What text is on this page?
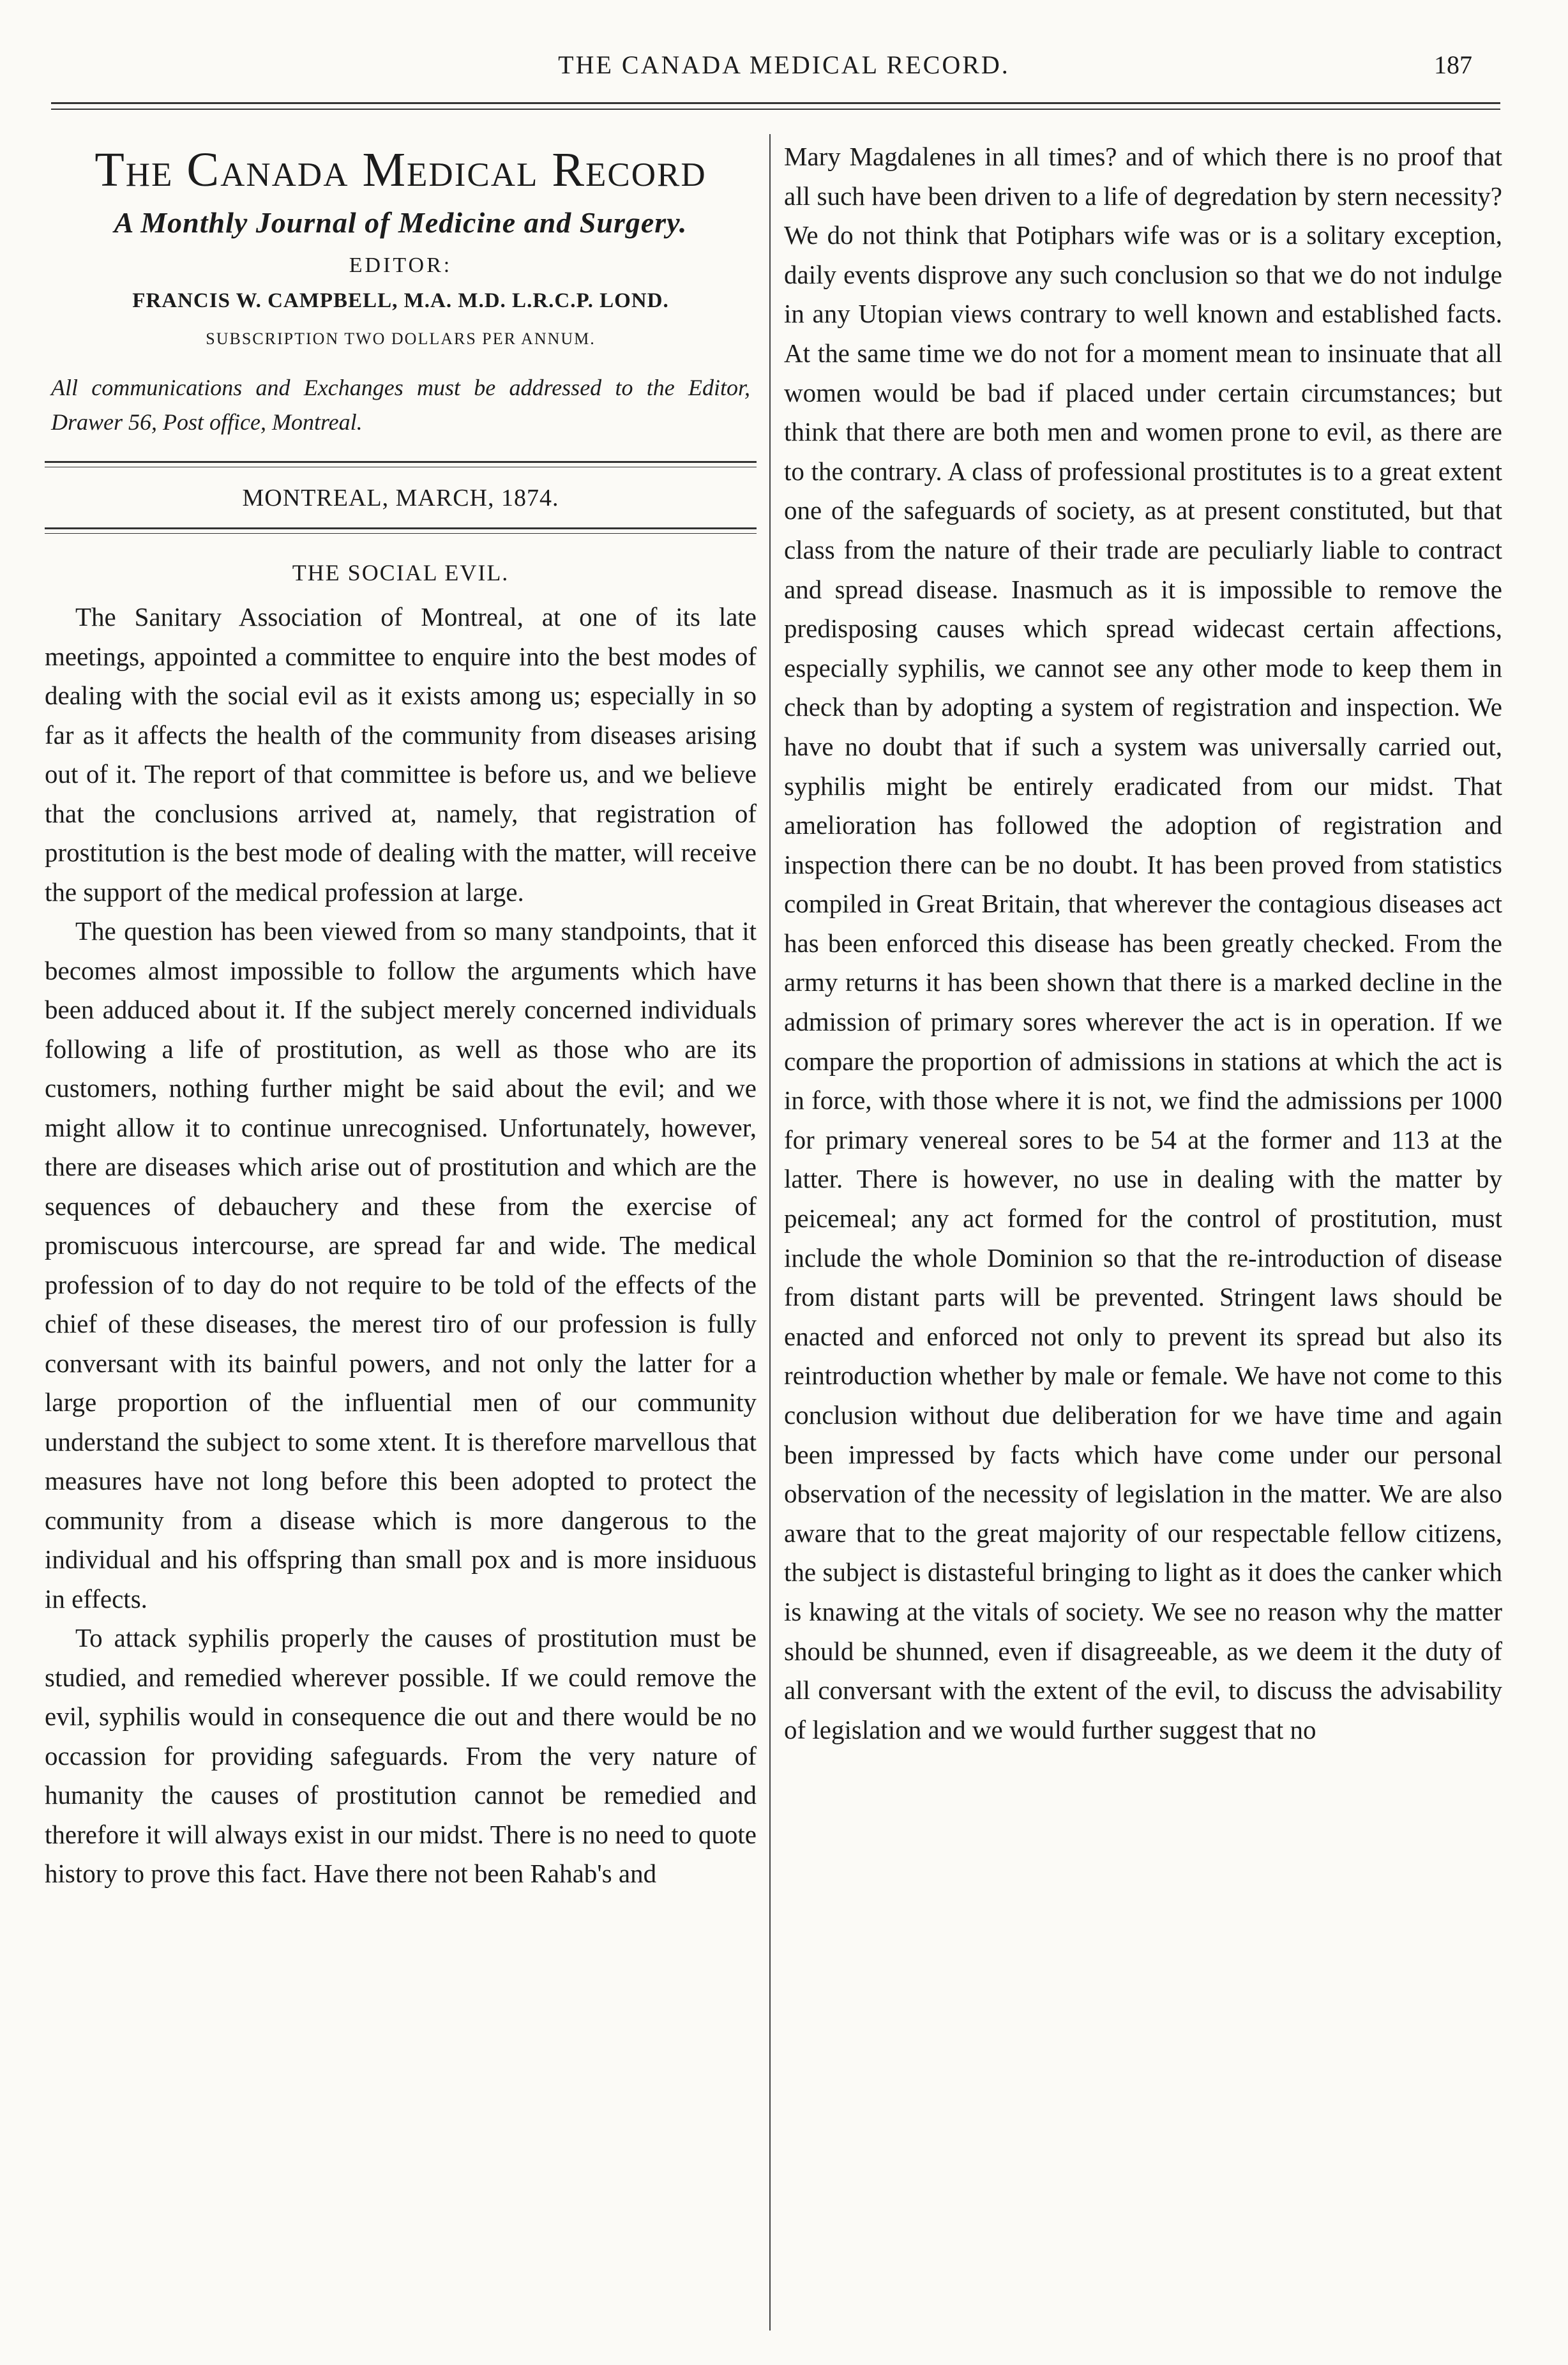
THE CANADA MEDICAL RECORD.	187
The Canada Medical Record
A Monthly Journal of Medicine and Surgery.
EDITOR:
FRANCIS W. CAMPBELL, M.A. M.D. L.R.C.P. LOND.
SUBSCRIPTION TWO DOLLARS PER ANNUM.
All communications and Exchanges must be addressed to the Editor, Drawer 56, Post office, Montreal.
MONTREAL, MARCH, 1874.
THE SOCIAL EVIL.

The Sanitary Association of Montreal, at one of its late meetings, appointed a committee to enquire into the best modes of dealing with the social evil as it exists among us; especially in so far as it affects the health of the community from diseases arising out of it. The report of that committee is before us, and we believe that the conclusions arrived at, namely, that registration of prostitution is the best mode of dealing with the matter, will receive the support of the medical profession at large.

The question has been viewed from so many standpoints, that it becomes almost impossible to follow the arguments which have been adduced about it. If the subject merely concerned individuals following a life of prostitution, as well as those who are its customers, nothing further might be said about the evil; and we might allow it to continue unrecognised. Unfortunately, however, there are diseases which arise out of prostitution and which are the sequences of debauchery and these from the exercise of promiscuous intercourse, are spread far and wide. The medical profession of to day do not require to be told of the effects of the chief of these diseases, the merest tiro of our profession is fully conversant with its bainful powers, and not only the latter for a large proportion of the influential men of our community understand the subject to some xtent. It is therefore marvellous that measures have not long before this been adopted to protect the community from a disease which is more dangerous to the individual and his offspring than small pox and is more insiduous in effects.

To attack syphilis properly the causes of prostitution must be studied, and remedied wherever possible. If we could remove the evil, syphilis would in consequence die out and there would be no occassion for providing safeguards. From the very nature of humanity the causes of prostitution cannot be remedied and therefore it will always exist in our midst. There is no need to quote history to prove this fact. Have there not been Rahab's and

Mary Magdalenes in all times? and of which there is no proof that all such have been driven to a life of degredation by stern necessity? We do not think that Potiphars wife was or is a solitary exception, daily events disprove any such conclusion so that we do not indulge in any Utopian views contrary to well known and established facts. At the same time we do not for a moment mean to insinuate that all women would be bad if placed under certain circumstances; but think that there are both men and women prone to evil, as there are to the contrary. A class of professional prostitutes is to a great extent one of the safeguards of society, as at present constituted, but that class from the nature of their trade are peculiarly liable to contract and spread disease. Inasmuch as it is impossible to remove the predisposing causes which spread widecast certain affections, especially syphilis, we cannot see any other mode to keep them in check than by adopting a system of registration and inspection. We have no doubt that if such a system was universally carried out, syphilis might be entirely eradicated from our midst. That amelioration has followed the adoption of registration and inspection there can be no doubt. It has been proved from statistics compiled in Great Britain, that wherever the contagious diseases act has been enforced this disease has been greatly checked. From the army returns it has been shown that there is a marked decline in the admission of primary sores wherever the act is in operation. If we compare the proportion of admissions in stations at which the act is in force, with those where it is not, we find the admissions per 1000 for primary venereal sores to be 54 at the former and 113 at the latter. There is however, no use in dealing with the matter by peicemeal; any act formed for the control of prostitution, must include the whole Dominion so that the re-introduction of disease from distant parts will be prevented. Stringent laws should be enacted and enforced not only to prevent its spread but also its reintroduction whether by male or female. We have not come to this conclusion without due deliberation for we have time and again been impressed by facts which have come under our personal observation of the necessity of legislation in the matter. We are also aware that to the great majority of our respectable fellow citizens, the subject is distasteful bringing to light as it does the canker which is knawing at the vitals of society. We see no reason why the matter should be shunned, even if disagreeable, as we deem it the duty of all conversant with the extent of the evil, to discuss the advisability of legislation and we would further suggest that no
